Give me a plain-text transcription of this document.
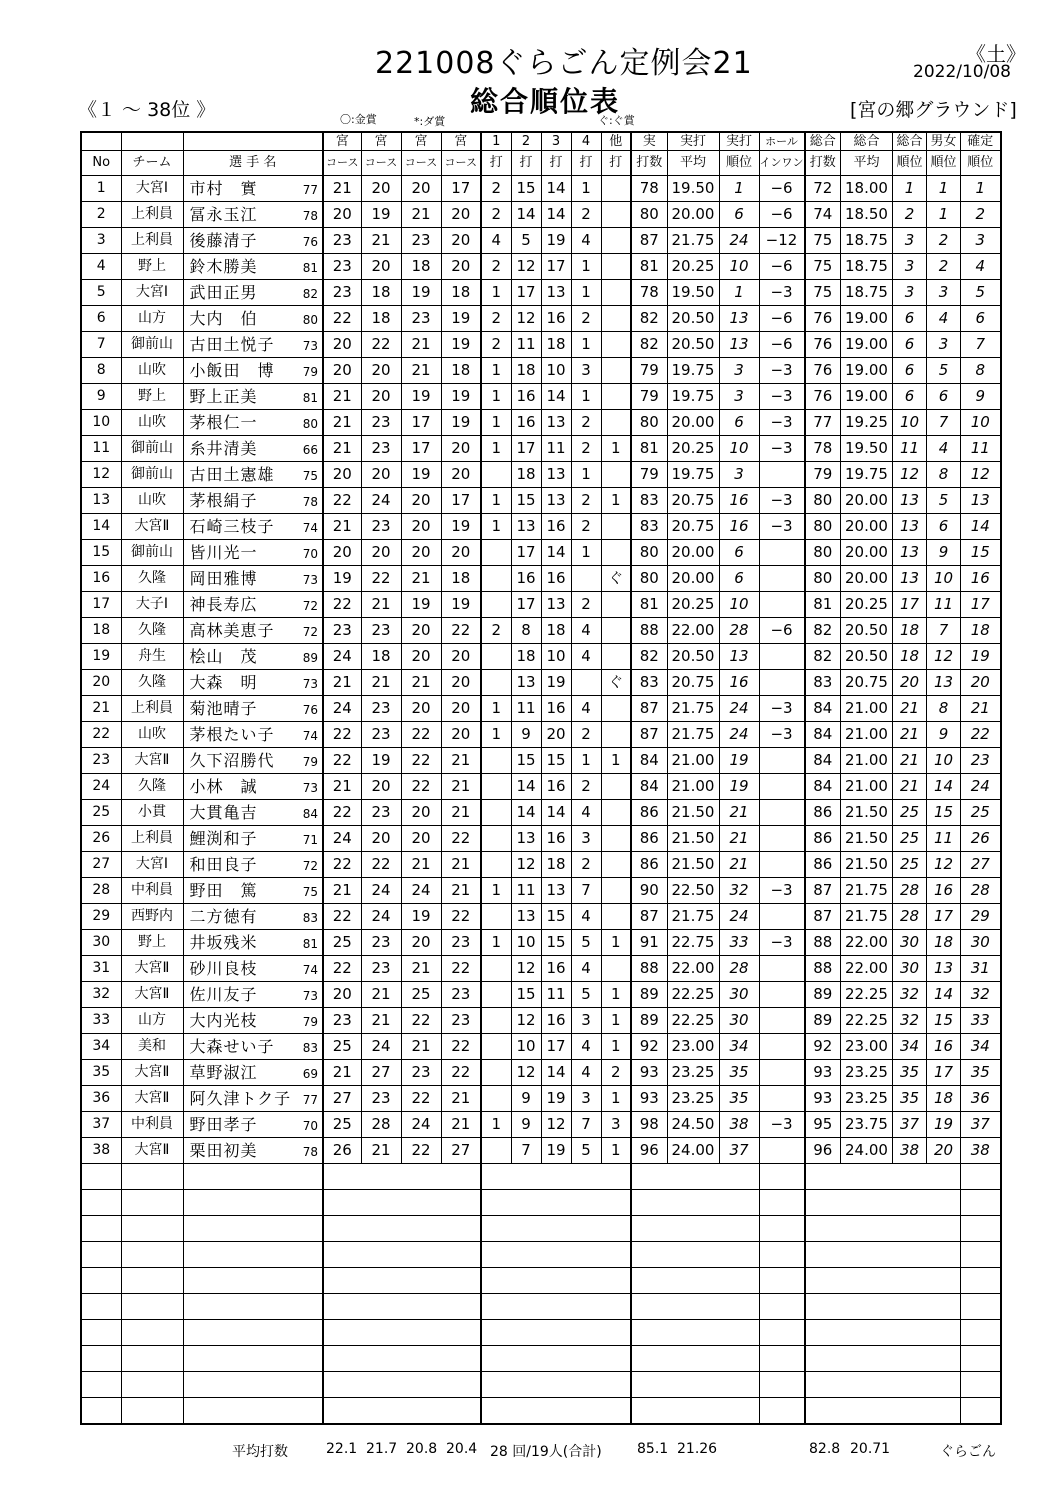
221008ぐらごん定例会21	《土》
2022/10/08
総合順位表
《１ ～ 38位 》	[宮の郷グラウンド]
〇:金賞	*:ダ賞	ぐ:ぐ賞
			宮	宮	宮	宮	1	2	3	4	他	実	実打	実打	ホール	総合	総合	総合	男女	確定
No	チーム	選 手 名	コース	コース	コース	コース	打	打	打	打	打	打数	平均	順位	インワン	打数	平均	順位	順位	順位
1	大宮Ⅰ	市村　實 77	21	20	20	17	2	15	14	1		78	19.50	1	−6	72	18.00	1	1	1
2	上利員	冨永玉江 78	20	19	21	20	2	14	14	2		80	20.00	6	−6	74	18.50	2	1	2
3	上利員	後藤清子 76	23	21	23	20	4	5	19	4		87	21.75	24	−12	75	18.75	3	2	3
4	野上	鈴木勝美 81	23	20	18	20	2	12	17	1		81	20.25	10	−6	75	18.75	3	2	4
5	大宮Ⅰ	武田正男 82	23	18	19	18	1	17	13	1		78	19.50	1	−3	75	18.75	3	3	5
6	山方	大内　伯 80	22	18	23	19	2	12	16	2		82	20.50	13	−6	76	19.00	6	4	6
7	御前山	古田土悦子 73	20	22	21	19	2	11	18	1		82	20.50	13	−6	76	19.00	6	3	7
8	山吹	小飯田　博 79	20	20	21	18	1	18	10	3		79	19.75	3	−3	76	19.00	6	5	8
9	野上	野上正美 81	21	20	19	19	1	16	14	1		79	19.75	3	−3	76	19.00	6	6	9
10	山吹	茅根仁一 80	21	23	17	19	1	16	13	2		80	20.00	6	−3	77	19.25	10	7	10
11	御前山	糸井清美 66	21	23	17	20	1	17	11	2	1	81	20.25	10	−3	78	19.50	11	4	11
12	御前山	古田土憲雄 75	20	20	19	20		18	13	1		79	19.75	3		79	19.75	12	8	12
13	山吹	茅根絹子 78	22	24	20	17	1	15	13	2	1	83	20.75	16	−3	80	20.00	13	5	13
14	大宮Ⅱ	石崎三枝子 74	21	23	20	19	1	13	16	2		83	20.75	16	−3	80	20.00	13	6	14
15	御前山	皆川光一 70	20	20	20	20		17	14	1		80	20.00	6		80	20.00	13	9	15
16	久隆	岡田雅博 73	19	22	21	18		16	16		ぐ	80	20.00	6		80	20.00	13	10	16
17	大子Ⅰ	神長寿広 72	22	21	19	19		17	13	2		81	20.25	10		81	20.25	17	11	17
18	久隆	高林美恵子 72	23	23	20	22	2	8	18	4		88	22.00	28	−6	82	20.50	18	7	18
19	舟生	桧山　茂 89	24	18	20	20		18	10	4		82	20.50	13		82	20.50	18	12	19
20	久隆	大森　明 73	21	21	21	20		13	19		ぐ	83	20.75	16		83	20.75	20	13	20
21	上利員	菊池晴子 76	24	23	20	20	1	11	16	4		87	21.75	24	−3	84	21.00	21	8	21
22	山吹	茅根たい子 74	22	23	22	20	1	9	20	2		87	21.75	24	−3	84	21.00	21	9	22
23	大宮Ⅱ	久下沼勝代 79	22	19	22	21		15	15	1	1	84	21.00	19		84	21.00	21	10	23
24	久隆	小林　誠 73	21	20	22	21		14	16	2		84	21.00	19		84	21.00	21	14	24
25	小貫	大貫亀吉 84	22	23	20	21		14	14	4		86	21.50	21		86	21.50	25	15	25
26	上利員	鯉渕和子 71	24	20	20	22		13	16	3		86	21.50	21		86	21.50	25	11	26
27	大宮Ⅰ	和田良子 72	22	22	21	21		12	18	2		86	21.50	21		86	21.50	25	12	27
28	中利員	野田　篤 75	21	24	24	21	1	11	13	7		90	22.50	32	−3	87	21.75	28	16	28
29	西野内	二方徳有 83	22	24	19	22		13	15	4		87	21.75	24		87	21.75	28	17	29
30	野上	井坂残米 81	25	23	20	23	1	10	15	5	1	91	22.75	33	−3	88	22.00	30	18	30
31	大宮Ⅱ	砂川良枝 74	22	23	21	22		12	16	4		88	22.00	28		88	22.00	30	13	31
32	大宮Ⅱ	佐川友子 73	20	21	25	23		15	11	5	1	89	22.25	30		89	22.25	32	14	32
33	山方	大内光枝 79	23	21	22	23		12	16	3	1	89	22.25	30		89	22.25	32	15	33
34	美和	大森せい子 83	25	24	21	22		10	17	4	1	92	23.00	34		92	23.00	34	16	34
35	大宮Ⅱ	草野淑江 69	21	27	23	22		12	14	4	2	93	23.25	35		93	23.25	35	17	35
36	大宮Ⅱ	阿久津トク子 77	27	23	22	21		9	19	3	1	93	23.25	35		93	23.25	35	18	36
37	中利員	野田孝子 70	25	28	24	21	1	9	12	7	3	98	24.50	38	−3	95	23.75	37	19	37
38	大宮Ⅱ	栗田初美 78	26	21	22	27		7	19	5	1	96	24.00	37		96	24.00	38	20	38

平均打数	22.1 21.7 20.8 20.4 28 回/19人(合計)	85.1 21.26	82.8 20.71	ぐらごん
